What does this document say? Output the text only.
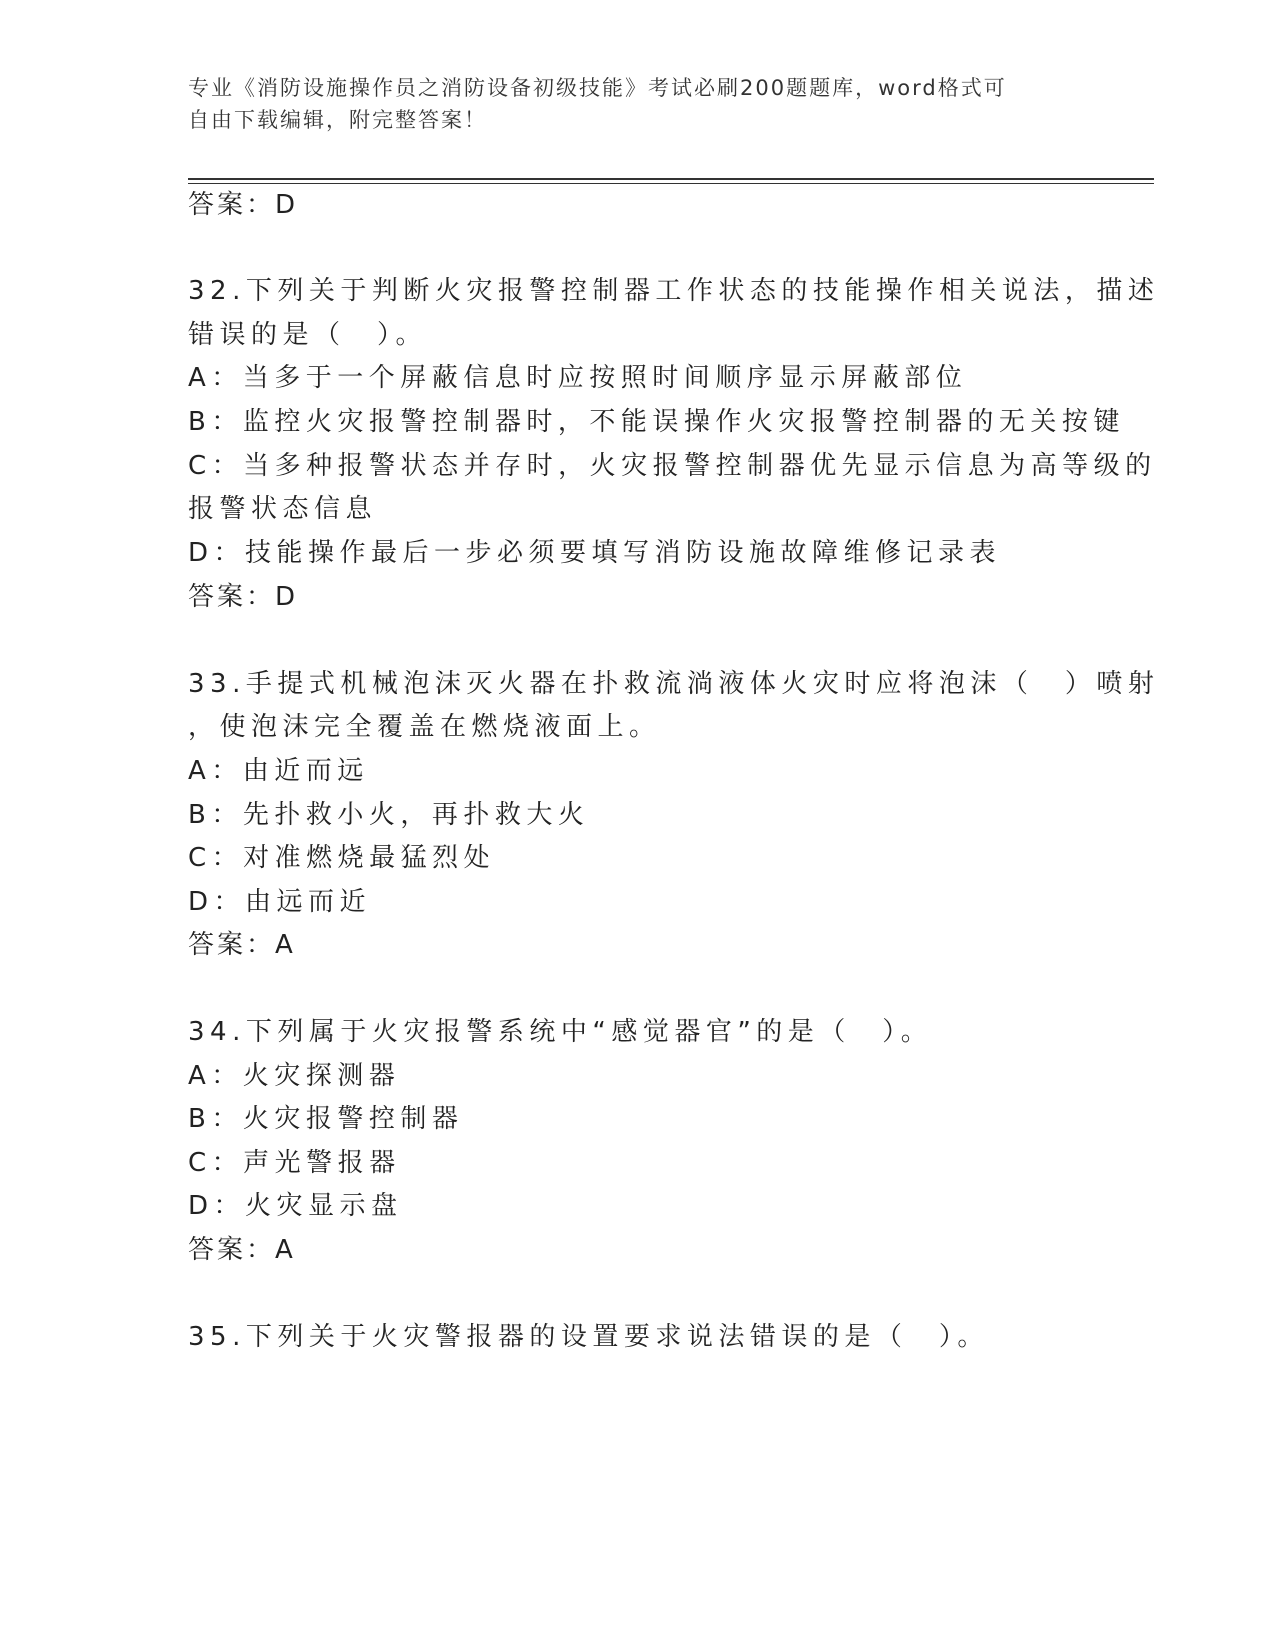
专业《消防设施操作员之消防设备初级技能》考试必刷200题题库，word格式可
自由下载编辑，附完整答案！
答案：D
32.下列关于判断火灾报警控制器工作状态的技能操作相关说法，描述
错误的是（　）。
A：当多于一个屏蔽信息时应按照时间顺序显示屏蔽部位
B：监控火灾报警控制器时，不能误操作火灾报警控制器的无关按键
C：当多种报警状态并存时，火灾报警控制器优先显示信息为高等级的
报警状态信息
D：技能操作最后一步必须要填写消防设施故障维修记录表
答案：D
33.手提式机械泡沫灭火器在扑救流淌液体火灾时应将泡沫（　）喷射
，使泡沫完全覆盖在燃烧液面上。
A：由近而远
B：先扑救小火，再扑救大火
C：对准燃烧最猛烈处
D：由远而近
答案：A
34.下列属于火灾报警系统中“感觉器官”的是（　）。
A：火灾探测器
B：火灾报警控制器
C：声光警报器
D：火灾显示盘
答案：A
35.下列关于火灾警报器的设置要求说法错误的是（　）。
